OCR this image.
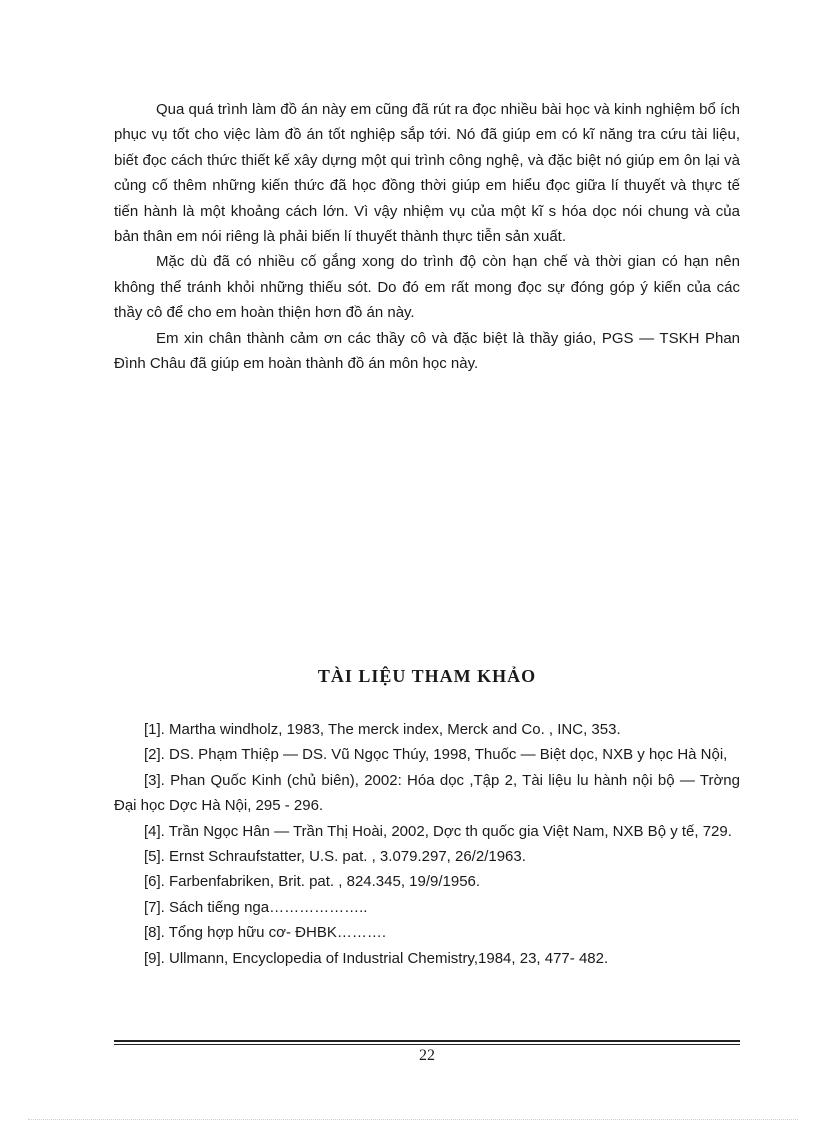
Qua quá trình làm đồ án này em cũng đã rút ra đọc nhiều bài học và kinh nghiệm bổ ích phục vụ tốt cho việc làm đồ án tốt nghiệp sắp tới. Nó đã giúp em có kĩ năng tra cứu tài liệu, biết đọc cách thức thiết kế xây dựng một qui trình công nghệ, và đặc biệt nó giúp em ôn lại và củng cố thêm những kiến thức đã học đồng thời giúp em hiểu đọc giữa lí thuyết và thực tế tiến hành là một khoảng cách lớn. Vì vậy nhiệm vụ của một kĩ s hóa dọc nói chung và của bản thân em nói riêng là phải biến lí thuyết thành thực tiễn sản xuất.

Mặc dù đã có nhiều cố gắng xong do trình độ còn hạn chế và thời gian có hạn nên không thể tránh khỏi những thiếu sót. Do đó em rất mong đọc sự đóng góp ý kiến của các thầy cô để cho em hoàn thiện hơn đồ án này.

Em xin chân thành cảm ơn các thầy cô và đặc biệt là thầy giáo, PGS — TSKH Phan Đình Châu đã giúp em hoàn thành đồ án môn học này.

TÀI LIỆU THAM KHẢO

[1]. Martha windholz, 1983, The merck index, Merck and Co. , INC, 353.

[2]. DS. Phạm Thiệp — DS. Vũ Ngọc Thúy, 1998, Thuốc — Biệt dọc, NXB y học Hà Nội,

[3]. Phan Quốc Kinh (chủ biên), 2002: Hóa dọc ,Tập 2, Tài liệu lu hành nội bộ — Trờng Đại học Dợc Hà Nội, 295 - 296.

[4]. Trần Ngọc Hân — Trần Thị Hoài, 2002, Dợc th quốc gia Việt Nam, NXB Bộ y tế, 729.

[5]. Ernst Schraufstatter, U.S. pat. , 3.079.297, 26/2/1963.

[6]. Farbenfabriken, Brit. pat. , 824.345, 19/9/1956.

[7]. Sách tiếng nga………………..

[8]. Tổng hợp hữu cơ- ĐHBK……….

[9]. Ullmann, Encyclopedia of Industrial Chemistry,1984, 23, 477- 482.

22
